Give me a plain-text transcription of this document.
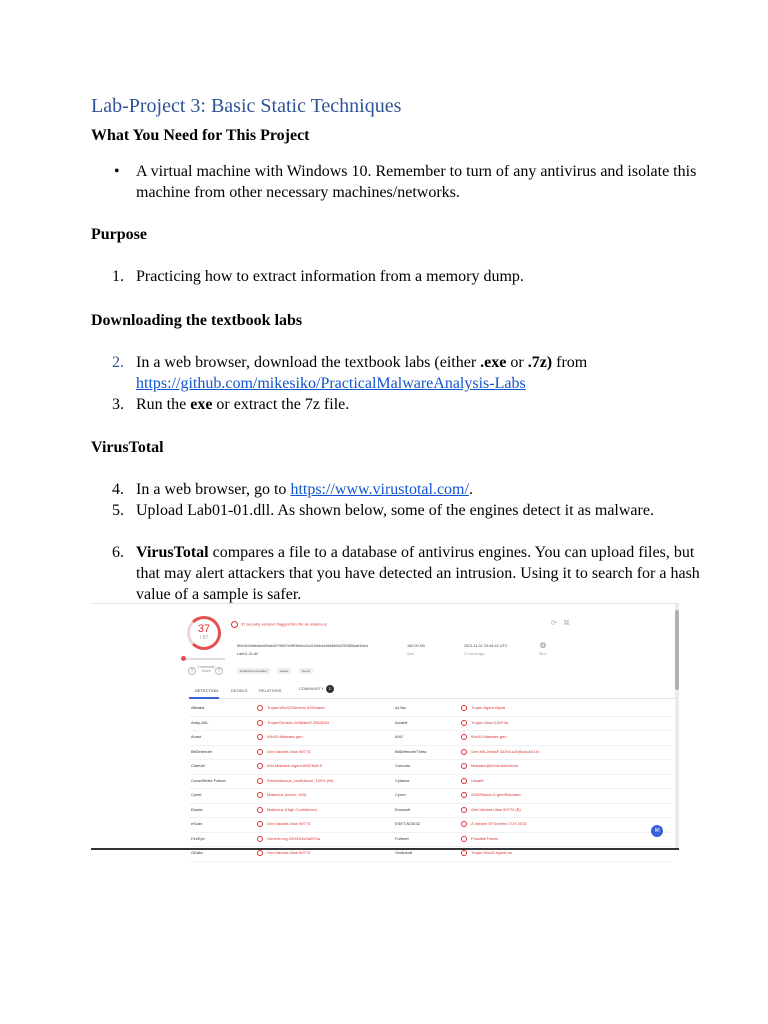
Lab-Project 3: Basic Static Techniques
What You Need for This Project
• A virtual machine with Windows 10. Remember to turn of any antivirus and isolate this machine from other necessary machines/networks.
Purpose
1. Practicing how to extract information from a memory dump.
Downloading the textbook labs
2. In a web browser, download the textbook labs (either .exe or .7z) from
https://github.com/mikesiko/PracticalMalwareAnalysis-Labs
3. Run the exe or extract the 7z file.
VirusTotal
4. In a web browser, go to https://www.virustotal.com/.
5. Upload Lab01-01.dll. As shown below, some of the engines detect it as malware.
6. VirusTotal compares a file to a database of antivirus engines. You can upload files, but that may alert attackers that you have detected an intrusion. Using it to search for a hash value of a sample is safer.
37
/ 67
?
Community Score	?
37 security vendors flagged this file as malicious	⟳ ⌘
f50e4b0b8eabe6f9ab40798b7e9f93ebbc2a41f4eb4e86b6b0d2f3f365ba64dea
Lab01-01.dll
invalid-rich-pe-linker	peexe	via-tor
160.00 KB
Size
2021-11-11 10:44:42 UTC
17 hours ago
⚙
DLL
DETECTION	DETAILS	RELATIONS	COMMUNITY 2
Alibaba	Trojan:Win32/Generic.4192aaeb	ALYac	Trojan.Agent.Aspat
Antiy-AVL	Trojan/Generic.ASMalwS.2953D93	Arcabit	Trojan.Ulise.D1EF4A
Avast	Win32:Malware-gen	AVG	Win32:Malware-gen
BitDefender	Gen:Variant.Ulise.59774	BitDefenderTheta	Gen:NN.ZedlaF.34294.aJ0@aAdUVJo
ClamAV	Win.Malware.Agent-6587648-0	Comodo	Malware@#2r4rdoknvkmd
CrowdStrike Falcon	Win/malicious_confidence_100% (W)	Cylance	Unsafe
Cynet	Malicious (score: 100)	Cyren	W32/Nakon.A.gen!Eldorado
Elastic	Malicious (High Confidence)	Emsisoft	Gen:Variant.Ulise.59774 (B)
eScan	Gen:Variant.Ulise.59774	ESET-NOD32	A Variant Of Generic.TOX.NOD
FireEye	Generic.mg.290f1b3d0a0f70a	Fortinet	PossibleThreat
GData	Gen:Variant.Ulise.59774	Gridinsoft	Trojan.Win32.Agent.oa
✉
